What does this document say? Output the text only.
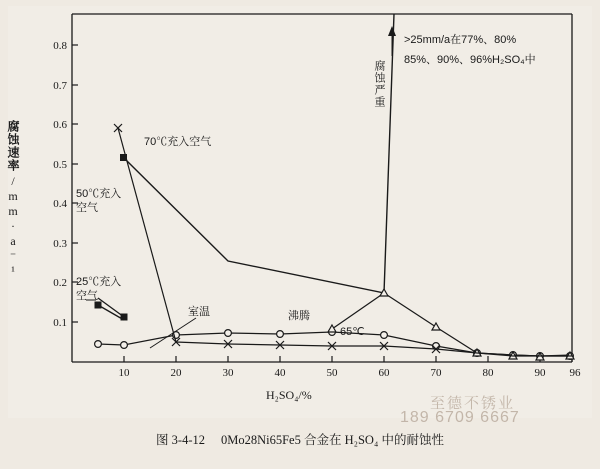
0.1
0.2
0.3
0.4
0.5
0.6
0.7
0.8
10	20	30	40	50	60	70	80	90 96
腐蚀速率
/mm·a⁻¹
H₂SO₄/%
70℃充入空气
50℃充入
空气
25℃充入
空气
室温	沸腾
65℃
腐蚀严重
>25mm/a在77%、80%
85%、90%、96%H₂SO₄中
至德不锈业
189 6709 6667
图 3-4-12 0Mo28Ni65Fe5 合金在 H₂SO₄ 中的耐蚀性
